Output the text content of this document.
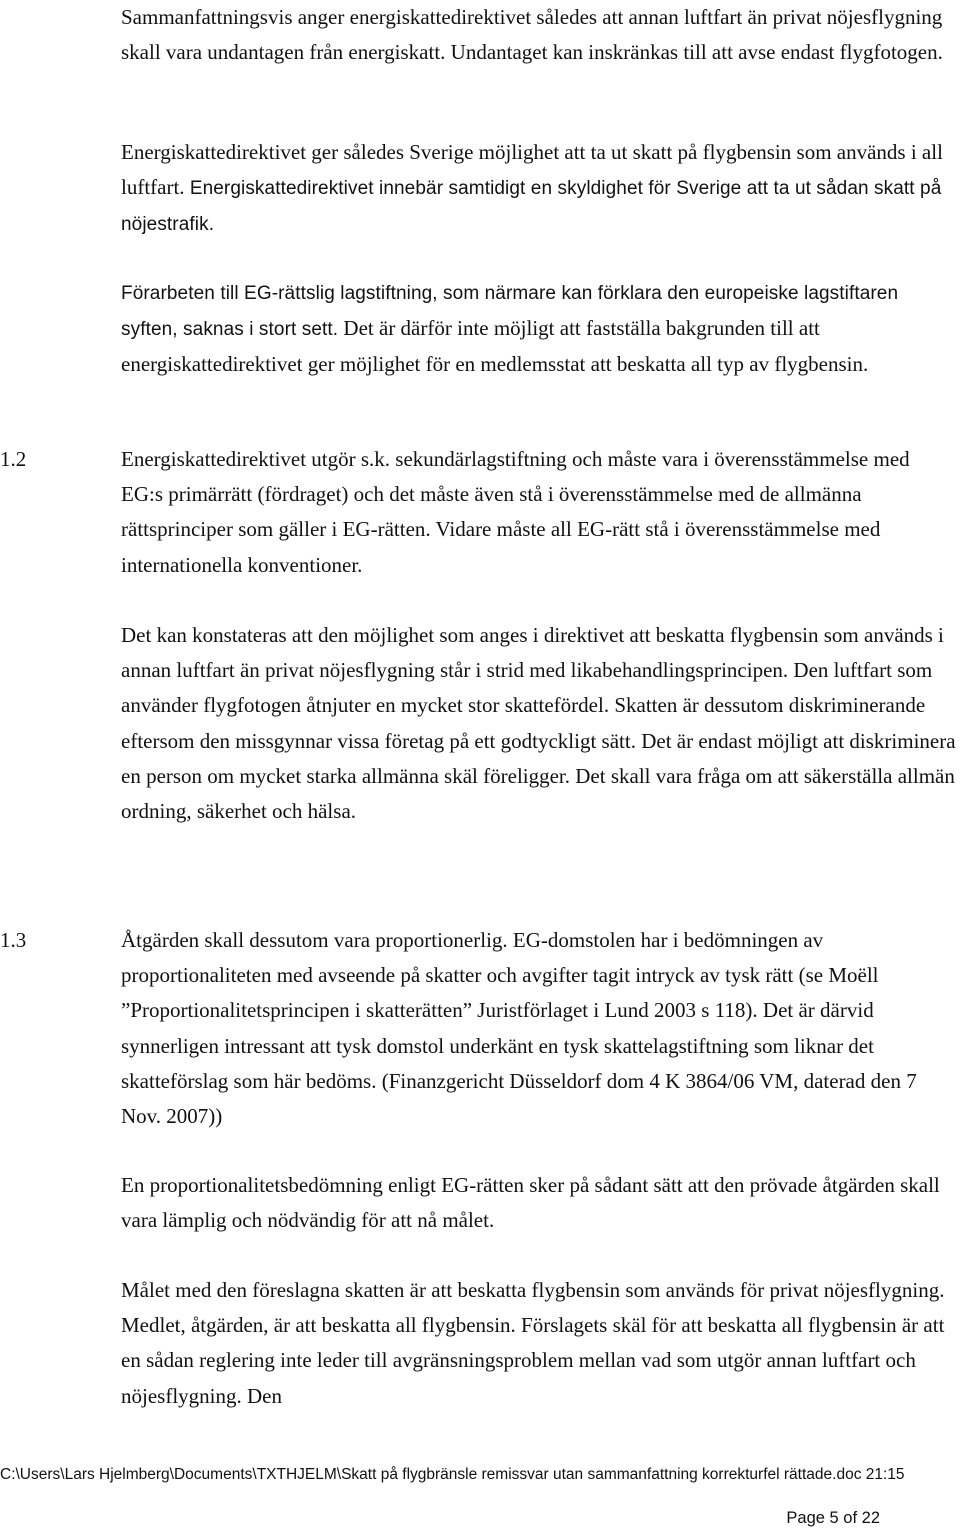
Sammanfattningsvis anger energiskattedirektivet således att annan luftfart än privat nöjesflygning skall vara undantagen från energiskatt. Undantaget kan inskränkas till att avse endast flygfotogen.

Energiskattedirektivet ger således Sverige möjlighet att ta ut skatt på flygbensin som används i all luftfart. Energiskattedirektivet innebär samtidigt en skyldighet för Sverige att ta ut sådan skatt på nöjestrafik.

Förarbeten till EG-rättslig lagstiftning, som närmare kan förklara den europeiske lagstiftaren syften, saknas i stort sett. Det är därför inte möjligt att fastställa bakgrunden till att energiskattedirektivet ger möjlighet för en medlemsstat att beskatta all typ av flygbensin.

1.2	Energiskattedirektivet utgör s.k. sekundärlagstiftning och måste vara i överensstämmelse med EG:s primärrätt (fördraget) och det måste även stå i överensstämmelse med de allmänna rättsprinciper som gäller i EG-rätten. Vidare måste all EG-rätt stå i överensstämmelse med internationella konventioner.
Det kan konstateras att den möjlighet som anges i direktivet att beskatta flygbensin som används i annan luftfart än privat nöjesflygning står i strid med likabehandlingsprincipen. Den luftfart som använder flygfotogen åtnjuter en mycket stor skattefördel. Skatten är dessutom diskriminerande eftersom den missgynnar vissa företag på ett godtyckligt sätt. Det är endast möjligt att diskriminera en person om mycket starka allmänna skäl föreligger. Det skall vara fråga om att säkerställa allmän ordning, säkerhet och hälsa.
1.3	Åtgärden skall dessutom vara proportionerlig. EG-domstolen har i bedömningen av proportionaliteten med avseende på skatter och avgifter tagit intryck av tysk rätt (se Moëll ”Proportionalitetsprincipen i skatterätten” Juristförlaget i Lund 2003 s 118). Det är därvid synnerligen intressant att tysk domstol underkänt en tysk skattelagstiftning som liknar det skatteförslag som här bedöms. (Finanzgericht Düsseldorf dom 4 K 3864/06 VM, daterad den 7 Nov. 2007))
En proportionalitetsbedömning enligt EG-rätten sker på sådant sätt att den prövade åtgärden skall vara lämplig och nödvändig för att nå målet.
Målet med den föreslagna skatten är att beskatta flygbensin som används för privat nöjesflygning. Medlet, åtgärden, är att beskatta all flygbensin. Förslagets skäl för att beskatta all flygbensin är att en sådan reglering inte leder till avgränsningsproblem mellan vad som utgör annan luftfart och nöjesflygning. Den
C:\Users\Lars Hjelmberg\Documents\TXTHJELM\Skatt på flygbränsle remissvar utan sammanfattning korrekturfel rättade.doc 21:15
Page 5 of 22
